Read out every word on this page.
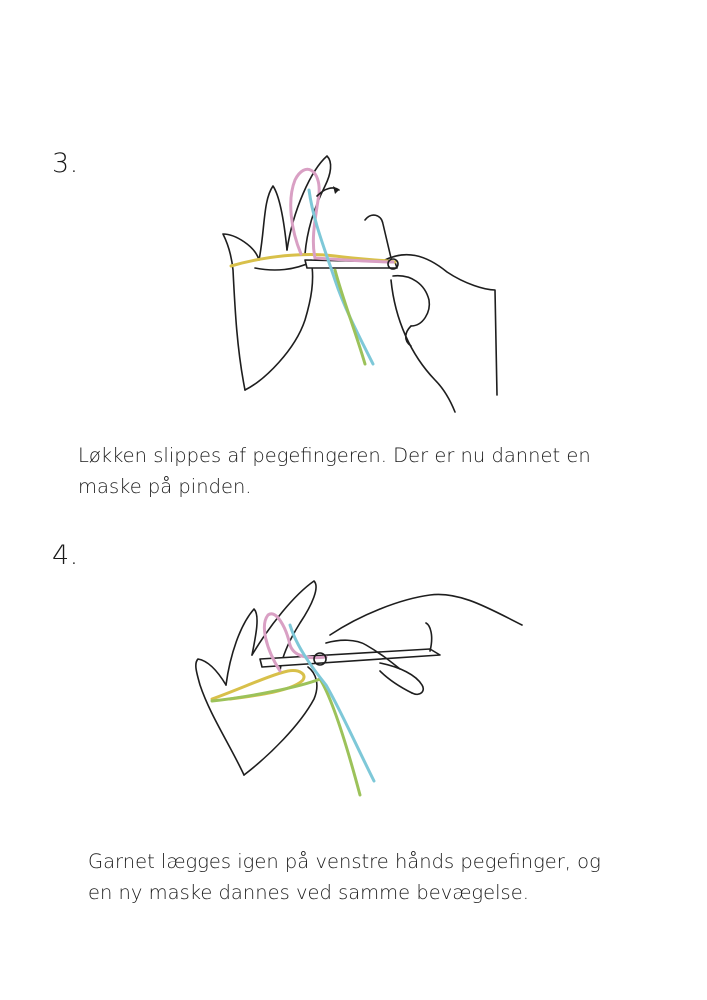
3.

Løkken slippes af pegefingeren. Der er nu dannet en
maske på pinden.

4.

Garnet lægges igen på venstre hånds pegefinger, og
en ny maske dannes ved samme bevægelse.
